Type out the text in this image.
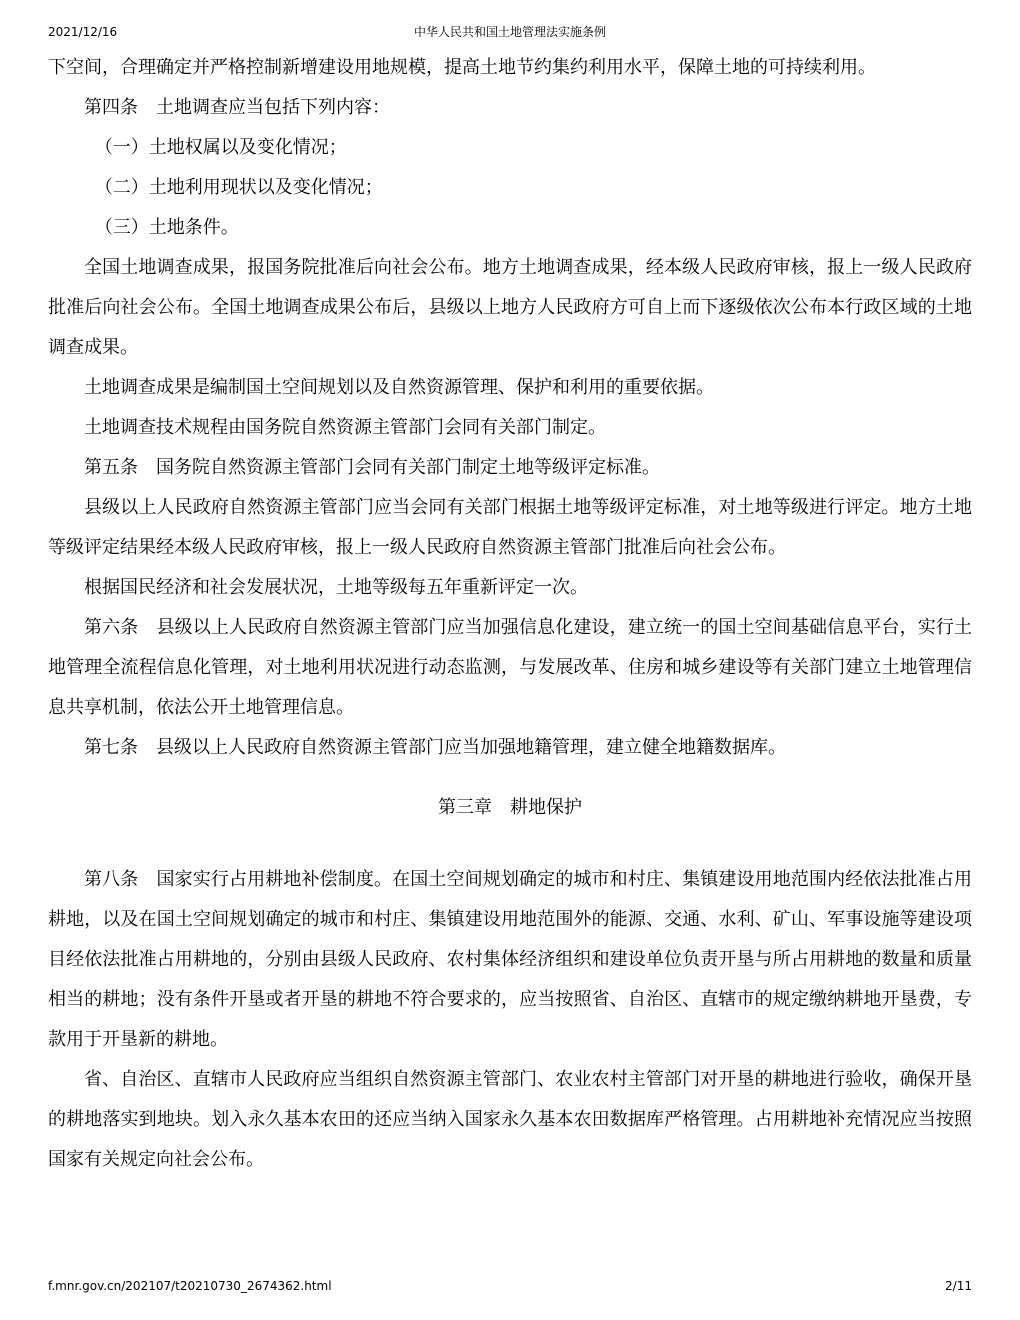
2021/12/16	中华人民共和国土地管理法实施条例

下空间，合理确定并严格控制新增建设用地规模，提高土地节约集约利用水平，保障土地的可持续利用。

第四条　土地调查应当包括下列内容：

（一）土地权属以及变化情况；

（二）土地利用现状以及变化情况；

（三）土地条件。

全国土地调查成果，报国务院批准后向社会公布。地方土地调查成果，经本级人民政府审核，报上一级人民政府批准后向社会公布。全国土地调查成果公布后，县级以上地方人民政府方可自上而下逐级依次公布本行政区域的土地调查成果。

土地调查成果是编制国土空间规划以及自然资源管理、保护和利用的重要依据。

土地调查技术规程由国务院自然资源主管部门会同有关部门制定。

第五条　国务院自然资源主管部门会同有关部门制定土地等级评定标准。

县级以上人民政府自然资源主管部门应当会同有关部门根据土地等级评定标准，对土地等级进行评定。地方土地等级评定结果经本级人民政府审核，报上一级人民政府自然资源主管部门批准后向社会公布。

根据国民经济和社会发展状况，土地等级每五年重新评定一次。

第六条　县级以上人民政府自然资源主管部门应当加强信息化建设，建立统一的国土空间基础信息平台，实行土地管理全流程信息化管理，对土地利用状况进行动态监测，与发展改革、住房和城乡建设等有关部门建立土地管理信息共享机制，依法公开土地管理信息。

第七条　县级以上人民政府自然资源主管部门应当加强地籍管理，建立健全地籍数据库。

第三章　耕地保护

第八条　国家实行占用耕地补偿制度。在国土空间规划确定的城市和村庄、集镇建设用地范围内经依法批准占用耕地，以及在国土空间规划确定的城市和村庄、集镇建设用地范围外的能源、交通、水利、矿山、军事设施等建设项目经依法批准占用耕地的，分别由县级人民政府、农村集体经济组织和建设单位负责开垦与所占用耕地的数量和质量相当的耕地；没有条件开垦或者开垦的耕地不符合要求的，应当按照省、自治区、直辖市的规定缴纳耕地开垦费，专款用于开垦新的耕地。

省、自治区、直辖市人民政府应当组织自然资源主管部门、农业农村主管部门对开垦的耕地进行验收，确保开垦的耕地落实到地块。划入永久基本农田的还应当纳入国家永久基本农田数据库严格管理。占用耕地补充情况应当按照国家有关规定向社会公布。

f.mnr.gov.cn/202107/t20210730_2674362.html	2/11
